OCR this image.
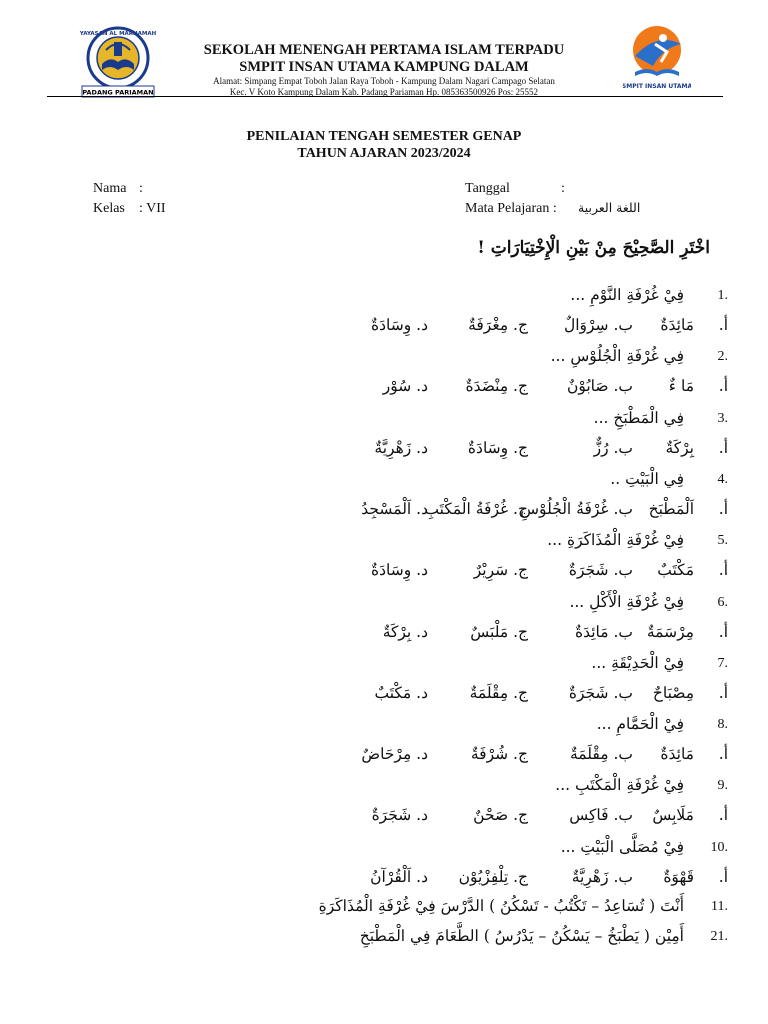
PADANG PARIAMAN
YAYASAN AL MARHAMAH
SEKOLAH MENENGAH PERTAMA ISLAM TERPADU
SMPIT INSAN UTAMA KAMPUNG DALAM
Alamat: Simpang Empat Toboh Jalan Raya Toboh - Kampung Dalam Nagari Campago Selatan
Kec. V Koto Kampung Dalam Kab. Padang Pariaman Hp. 085363500926 Pos: 25552
SMPIT INSAN UTAMA
PENILAIAN TENGAH SEMESTER GENAP
TAHUN AJARAN 2023/2024
Nama :
Kelas : VII
Tanggal	:
Mata Pelajaran : اللغة العربية
اخْتَرِ الصَّحِيْحَ مِنْ بَيْنِ الْإِخْتِيَارَاتِ !
1.
فِيْ غُرْفَةِ النَّوْمِ ...
أ.
مَائِدَةٌ
ب. سِرْوَالٌ
ج. مِغْرَفَةٌ
د. وِسَادَةٌ
2.
فِي غُرْفَةِ الْجُلُوْسِ ...
أ.
مَا ءٌ
ب. صَابُوْنٌ
ج. مِنْضَدَةٌ
د. سُوْر
3.
فِي الْمَطْبَخِ ...
أ.
بِرْكَةٌ
ب. رُزٌّ
ج. وِسَادَةٌ
د. زَهْرِيَّةٌ
4.
فِي الْبَيْتِ ..
أ.
اَلْمَطْبَخ
ب. غُرْفَةُ الْجُلُوْسِ
ج. غُرْفَةُ الْمَكْتَبِ
د. اَلْمَسْجِدُ
5.
فِيْ غُرْفَةِ الْمُذَاكَرَةِ ...
أ.
مَكْتَبٌ
ب. شَجَرَةٌ
ج. سَرِيْرٌ
د. وِسَادَةٌ
6.
فِيْ غُرْفَةِ الْأَكْلِ ...
أ.
مِرْسَمَةٌ
ب. مَائِدَةٌ
ج. مَلْبَسٌ
د. بِرْكَةٌ
7.
فِيْ الْحَدِيْقَةِ ...
أ.
مِصْبَاحٌ
ب. شَجَرَةٌ
ج. مِقْلَمَةٌ
د. مَكْتَبٌ
8.
فِيْ الْحَمَّامِ ...
أ.
مَائِدَةٌ
ب. مِقْلَمَةٌ
ج. شُرْفَةٌ
د. مِرْحَاضٌ
9.
فِيْ غُرْفَةِ الْمَكْتَبِ ...
أ.
مَلَابِسٌ
ب. فَاكِس
ج. صَحْنٌ
د. شَجَرَةٌ
10.
فِيْ مُصَلَّى الْبَيْتِ ...
أ.
قَهْوَةٌ
ب. زَهْرِيَّةٌ
ج. تِلْفِزْيُوْن
د. اَلْقُرْآنُ
11.
أَنْتَ ( تُسَاعِدُ – تَكْتُبُ - تَسْكُنُ ) الدَّرْسَ فِيْ غُرْفَةِ الْمُذَاكَرَةِ
21.
أَمِيْن ( يَطْبَخُ – يَسْكُنُ – يَدْرُسُ ) الطَّعَامَ فِي الْمَطْبَخِ
